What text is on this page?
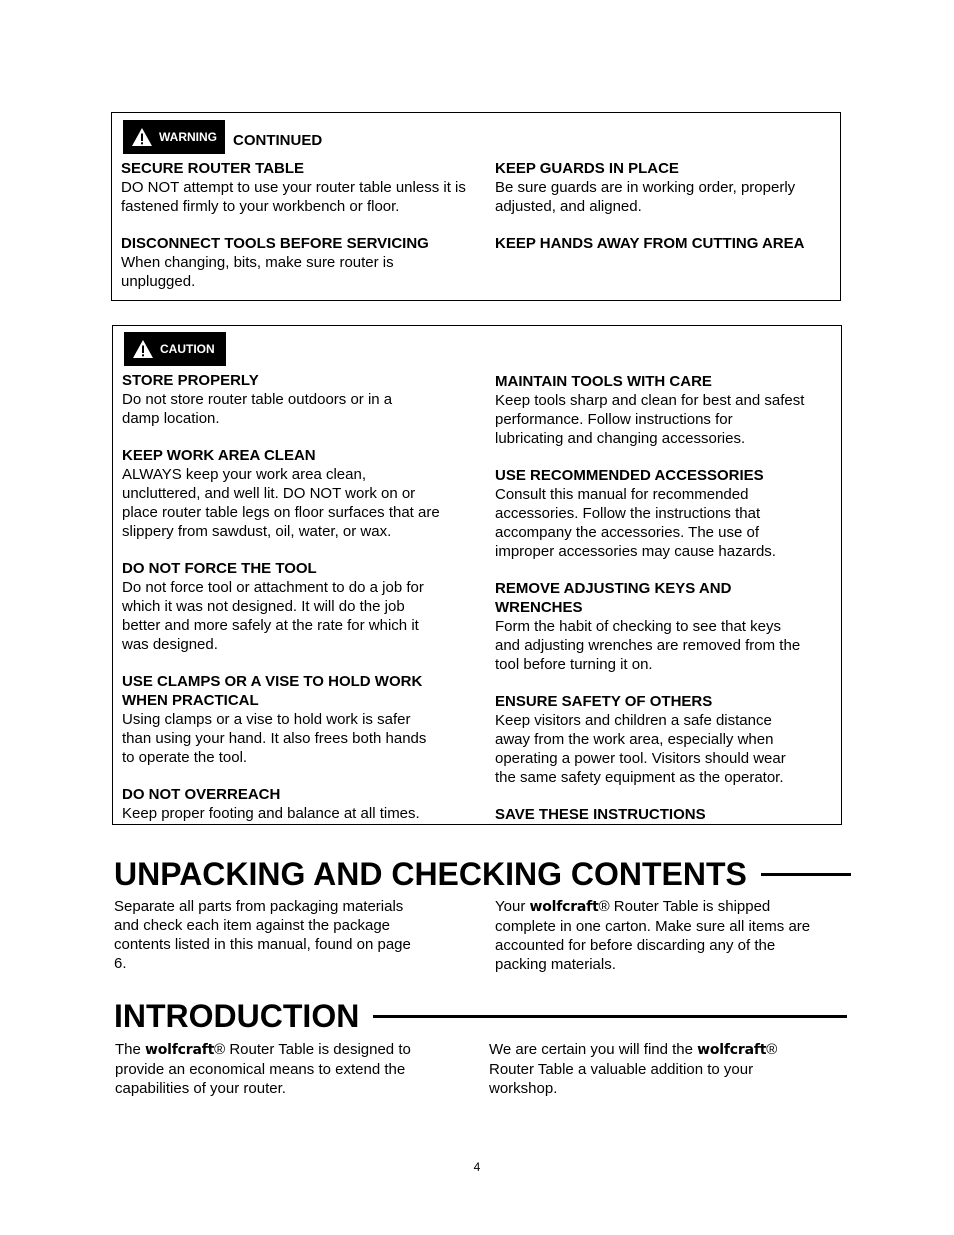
WARNING CONTINUED
SECURE ROUTER TABLE

DO NOT attempt to use your router table unless it is fastened firmly to your workbench or floor.

DISCONNECT TOOLS BEFORE SERVICING

When changing, bits, make sure router is unplugged.

KEEP GUARDS IN PLACE

Be sure guards are in working order, properly adjusted, and aligned.

KEEP HANDS AWAY FROM CUTTING AREA
CAUTION
STORE PROPERLY

Do not store router table outdoors or in a damp location.

KEEP WORK AREA CLEAN

ALWAYS keep your work area clean, uncluttered, and well lit. DO NOT work on or place router table legs on floor surfaces that are slippery from sawdust, oil, water, or wax.

DO NOT FORCE THE TOOL

Do not force tool or attachment to do a job for which it was not designed. It will do the job better and more safely at the rate for which it was designed.

USE CLAMPS OR A VISE TO HOLD WORK WHEN PRACTICAL

Using clamps or a vise to hold work is safer than using your hand. It also frees both hands to operate the tool.

DO NOT OVERREACH

Keep proper footing and balance at all times.

MAINTAIN TOOLS WITH CARE

Keep tools sharp and clean for best and safest performance. Follow instructions for lubricating and changing accessories.

USE RECOMMENDED ACCESSORIES

Consult this manual for recommended accessories. Follow the instructions that accompany the accessories. The use of improper accessories may cause hazards.

REMOVE ADJUSTING KEYS AND WRENCHES

Form the habit of checking to see that keys and adjusting wrenches are removed from the tool before turning it on.

ENSURE SAFETY OF OTHERS

Keep visitors and children a safe distance away from the work area, especially when operating a power tool. Visitors should wear the same safety equipment as the operator.

SAVE THESE INSTRUCTIONS
UNPACKING AND CHECKING CONTENTS

Separate all parts from packaging materials and check each item against the package contents listed in this manual, found on page 6.

Your wolfcraft® Router Table is shipped complete in one carton. Make sure all items are accounted for before discarding any of the packing materials.

INTRODUCTION

The wolfcraft® Router Table is designed to provide an economical means to extend the capabilities of your router.

We are certain you will find the wolfcraft® Router Table a valuable addition to your workshop.

4
